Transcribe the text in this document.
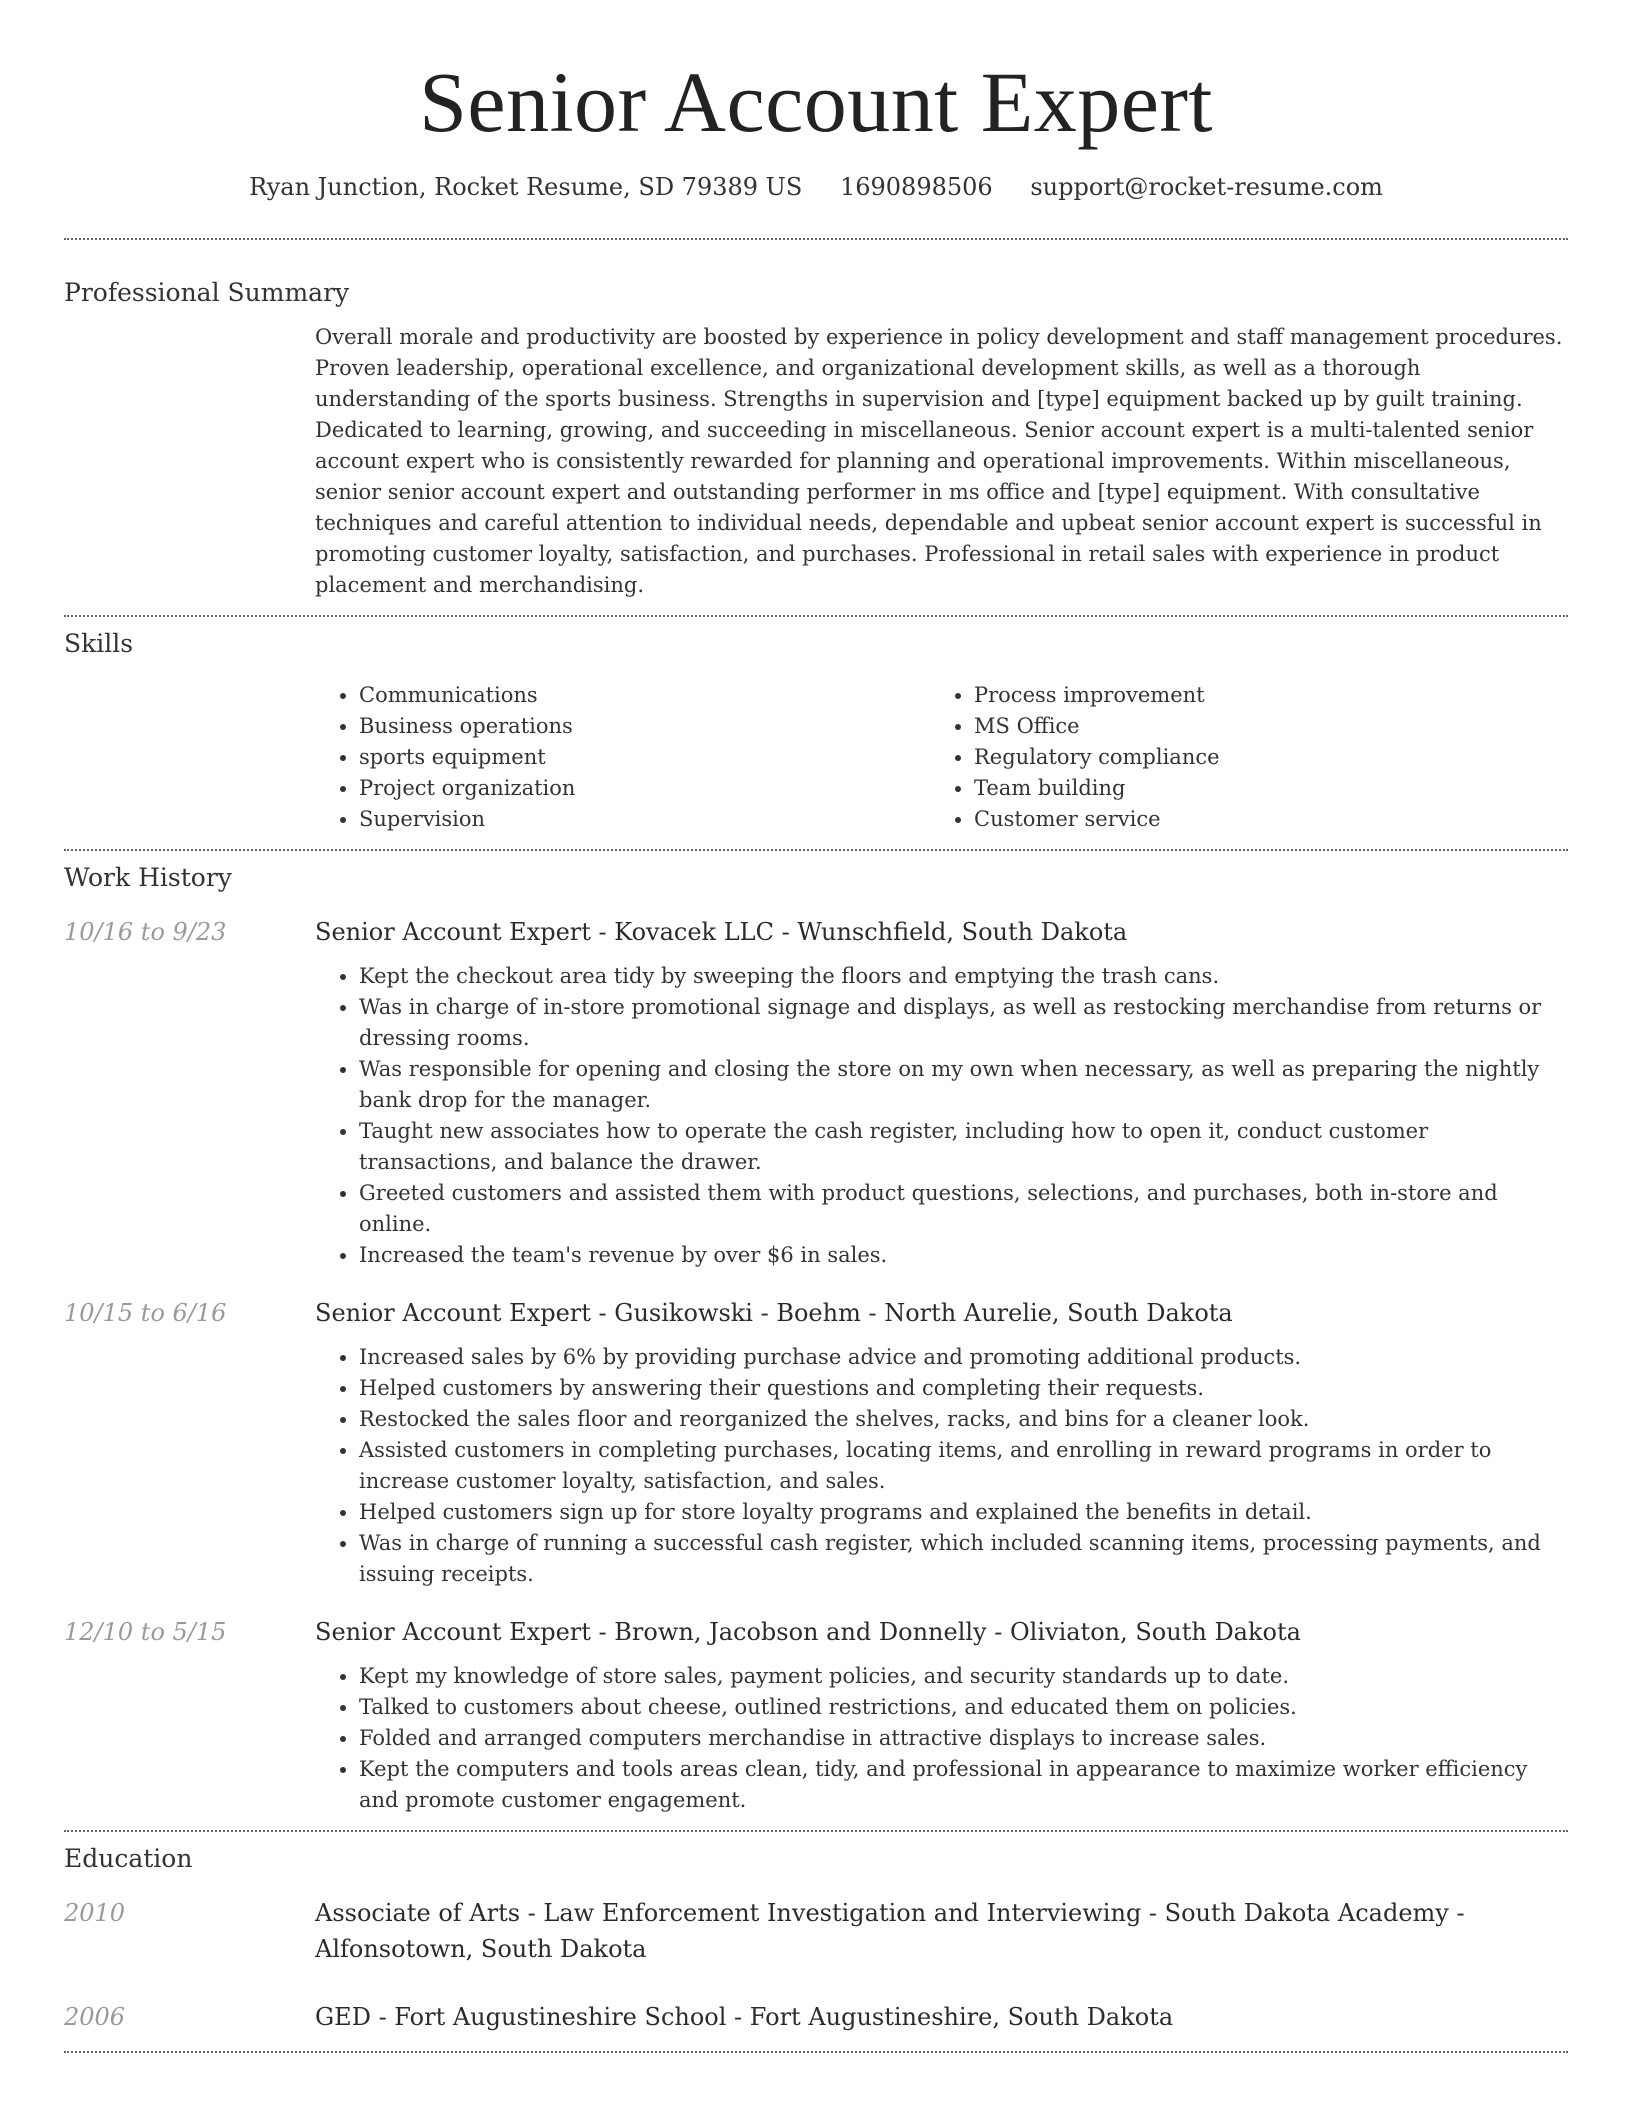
Senior Account Expert
Ryan Junction, Rocket Resume, SD 79389 US 1690898506 support@rocket-resume.com
Professional Summary

Overall morale and productivity are boosted by experience in policy development and staff management procedures. Proven leadership, operational excellence, and organizational development skills, as well as a thorough understanding of the sports business. Strengths in supervision and [type] equipment backed up by guilt training. Dedicated to learning, growing, and succeeding in miscellaneous. Senior account expert is a multi-talented senior account expert who is consistently rewarded for planning and operational improvements. Within miscellaneous, senior senior account expert and outstanding performer in ms office and [type] equipment. With consultative techniques and careful attention to individual needs, dependable and upbeat senior account expert is successful in promoting customer loyalty, satisfaction, and purchases. Professional in retail sales with experience in product placement and merchandising.

Skills
• Communications
• Business operations
• sports equipment
• Project organization
• Supervision
• Process improvement
• MS Office
• Regulatory compliance
• Team building
• Customer service
Work History
10/16 to 9/23	Senior Account Expert - Kovacek LLC - Wunschfield, South Dakota
• Kept the checkout area tidy by sweeping the floors and emptying the trash cans.
• Was in charge of in-store promotional signage and displays, as well as restocking merchandise from returns or dressing rooms.
• Was responsible for opening and closing the store on my own when necessary, as well as preparing the nightly bank drop for the manager.
• Taught new associates how to operate the cash register, including how to open it, conduct customer transactions, and balance the drawer.
• Greeted customers and assisted them with product questions, selections, and purchases, both in-store and online.
• Increased the team's revenue by over $6 in sales.
10/15 to 6/16	Senior Account Expert - Gusikowski - Boehm - North Aurelie, South Dakota
• Increased sales by 6% by providing purchase advice and promoting additional products.
• Helped customers by answering their questions and completing their requests.
• Restocked the sales floor and reorganized the shelves, racks, and bins for a cleaner look.
• Assisted customers in completing purchases, locating items, and enrolling in reward programs in order to increase customer loyalty, satisfaction, and sales.
• Helped customers sign up for store loyalty programs and explained the benefits in detail.
• Was in charge of running a successful cash register, which included scanning items, processing payments, and issuing receipts.
12/10 to 5/15	Senior Account Expert - Brown, Jacobson and Donnelly - Oliviaton, South Dakota
• Kept my knowledge of store sales, payment policies, and security standards up to date.
• Talked to customers about cheese, outlined restrictions, and educated them on policies.
• Folded and arranged computers merchandise in attractive displays to increase sales.
• Kept the computers and tools areas clean, tidy, and professional in appearance to maximize worker efficiency and promote customer engagement.
Education
2010	Associate of Arts - Law Enforcement Investigation and Interviewing - South Dakota Academy - Alfonsotown, South Dakota
2006	GED - Fort Augustineshire School - Fort Augustineshire, South Dakota
